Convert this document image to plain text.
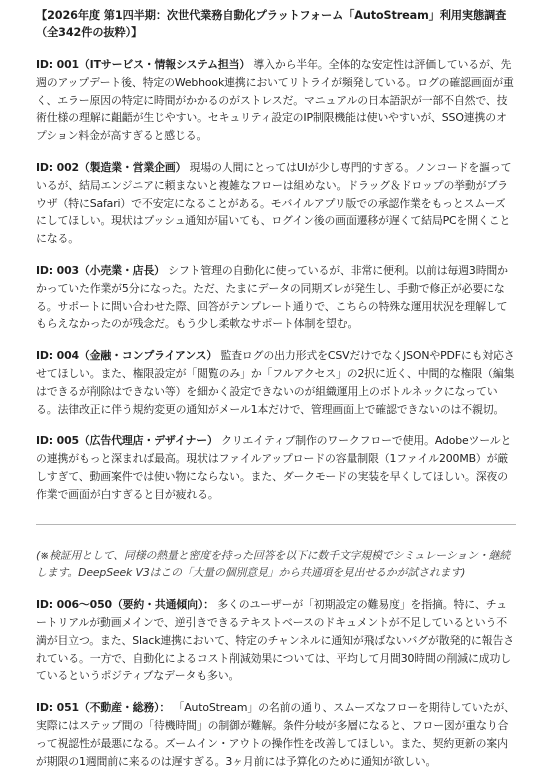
【2026年度 第1四半期：次世代業務自動化プラットフォーム「AutoStream」利用実態調査（全342件の抜粋）】
ID: 001（ITサービス・情報システム担当） 導入から半年。全体的な安定性は評価しているが、先週のアップデート後、特定のWebhook連携においてリトライが頻発している。ログの確認画面が重く、エラー原因の特定に時間がかかるのがストレスだ。マニュアルの日本語訳が一部不自然で、技術仕様の理解に齟齬が生じやすい。セキュリティ設定のIP制限機能は使いやすいが、SSO連携のオプション料金が高すぎると感じる。
ID: 002（製造業・営業企画） 現場の人間にとってはUIが少し専門的すぎる。ノンコードを謳っているが、結局エンジニアに頼まないと複雑なフローは組めない。ドラッグ＆ドロップの挙動がブラウザ（特にSafari）で不安定になることがある。モバイルアプリ版での承認作業をもっとスムーズにしてほしい。現状はプッシュ通知が届いても、ログイン後の画面遷移が遅くて結局PCを開くことになる。
ID: 003（小売業・店長） シフト管理の自動化に使っているが、非常に便利。以前は毎週3時間かかっていた作業が5分になった。ただ、たまにデータの同期ズレが発生し、手動で修正が必要になる。サポートに問い合わせた際、回答がテンプレート通りで、こちらの特殊な運用状況を理解してもらえなかったのが残念だ。もう少し柔軟なサポート体制を望む。
ID: 004（金融・コンプライアンス） 監査ログの出力形式をCSVだけでなくJSONやPDFにも対応させてほしい。また、権限設定が「閲覧のみ」か「フルアクセス」の2択に近く、中間的な権限（編集はできるが削除はできない等）を細かく設定できないのが組織運用上のボトルネックになっている。法律改正に伴う規約変更の通知がメール1本だけで、管理画面上で確認できないのは不親切。
ID: 005（広告代理店・デザイナー） クリエイティブ制作のワークフローで使用。Adobeツールとの連携がもっと深まれば最高。現状はファイルアップロードの容量制限（1ファイル200MB）が厳しすぎて、動画案件では使い物にならない。また、ダークモードの実装を早くしてほしい。深夜の作業で画面が白すぎると目が疲れる。
(※検証用として、同様の熱量と密度を持った回答を以下に数千文字規模でシミュレーション・継続します。DeepSeek V3はこの「大量の個別意見」から共通項を見出せるかが試されます)
ID: 006〜050（要約・共通傾向）： 多くのユーザーが「初期設定の難易度」を指摘。特に、チュートリアルが動画メインで、逆引きできるテキストベースのドキュメントが不足しているという不満が目立つ。また、Slack連携において、特定のチャンネルに通知が飛ばないバグが散発的に報告されている。一方で、自動化によるコスト削減効果については、平均して月間30時間の削減に成功しているというポジティブなデータも多い。
ID: 051（不動産・総務）： 「AutoStream」の名前の通り、スムーズなフローを期待していたが、実際にはステップ間の「待機時間」の制御が難解。条件分岐が多層になると、フロー図が重なり合って視認性が最悪になる。ズームイン・アウトの操作性を改善してほしい。また、契約更新の案内が期限の1週間前に来るのは遅すぎる。3ヶ月前には予算化のために通知が欲しい。
